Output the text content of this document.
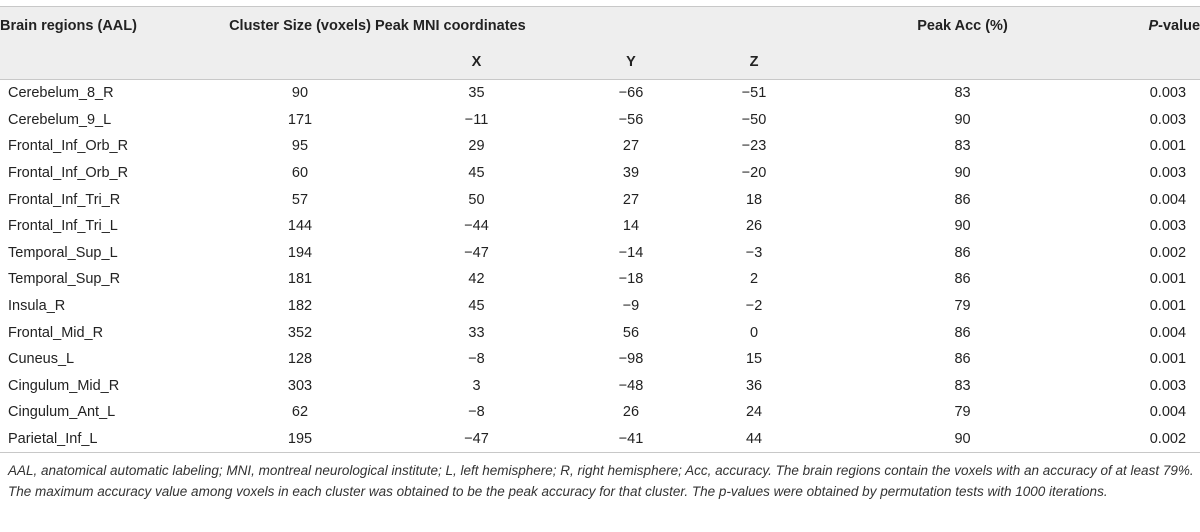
Brain regions (AAL)	Cluster Size (voxels)	Peak MNI coordinates			Peak Acc (%)	P-value
		X	Y	Z		
Cerebelum_8_R	90	35	−66	−51	83	0.003
Cerebelum_9_L	171	−11	−56	−50	90	0.003
Frontal_Inf_Orb_R	95	29	27	−23	83	0.001
Frontal_Inf_Orb_R	60	45	39	−20	90	0.003
Frontal_Inf_Tri_R	57	50	27	18	86	0.004
Frontal_Inf_Tri_L	144	−44	14	26	90	0.003
Temporal_Sup_L	194	−47	−14	−3	86	0.002
Temporal_Sup_R	181	42	−18	2	86	0.001
Insula_R	182	45	−9	−2	79	0.001
Frontal_Mid_R	352	33	56	0	86	0.004
Cuneus_L	128	−8	−98	15	86	0.001
Cingulum_Mid_R	303	3	−48	36	83	0.003
Cingulum_Ant_L	62	−8	26	24	79	0.004
Parietal_Inf_L	195	−47	−41	44	90	0.002
AAL, anatomical automatic labeling; MNI, montreal neurological institute; L, left hemisphere; R, right hemisphere; Acc, accuracy. The brain regions contain the voxels with an accuracy of at least 79%. The maximum accuracy value among voxels in each cluster was obtained to be the peak accuracy for that cluster. The p-values were obtained by permutation tests with 1000 iterations.
